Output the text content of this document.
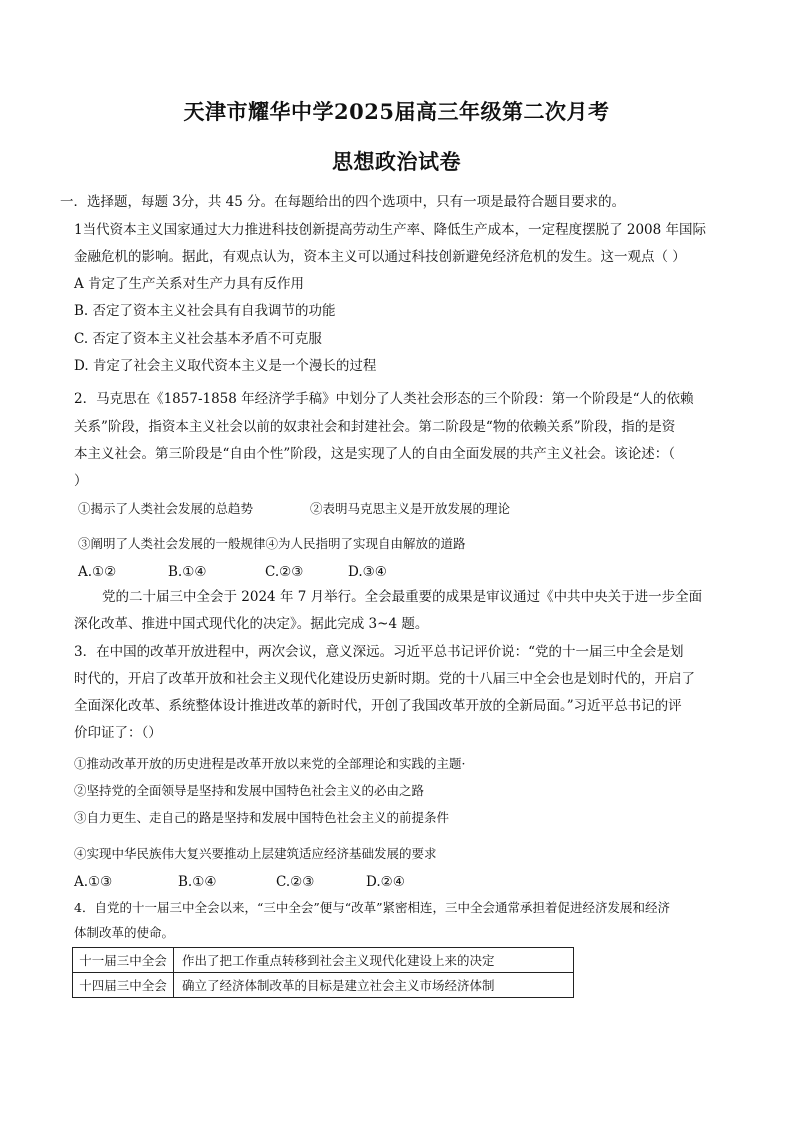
天津市耀华中学2025届高三年级第二次月考
思想政治试卷
一．选择题，每题 3分，共 45 分。在每题给出的四个选项中，只有一项是最符合题目要求的。
1当代资本主义国家通过大力推进科技创新提高劳动生产率、降低生产成本，一定程度摆脱了 2008 年国际
金融危机的影响。据此，有观点认为，资本主义可以通过科技创新避免经济危机的发生。这一观点（ ）
A 肯定了生产关系对生产力具有反作用
B. 否定了资本主义社会具有自我调节的功能
C. 否定了资本主义社会基本矛盾不可克服
D. 肯定了社会主义取代资本主义是一个漫长的过程
2．马克思在《1857-1858 年经济学手稿》中划分了人类社会形态的三个阶段：第一个阶段是“人的依赖
关系”阶段，指资本主义社会以前的奴隶社会和封建社会。第二阶段是“物的依赖关系”阶段，指的是资
本主义社会。第三阶段是“自由个性”阶段，这是实现了人的自由全面发展的共产主义社会。该论述：（
）
①揭示了人类社会发展的总趋势	②表明马克思主义是开放发展的理论
③阐明了人类社会发展的一般规律④为人民指明了实现自由解放的道路
A.①②	B.①④	C.②③	D.③④
党的二十届三中全会于 2024 年 7 月举行。全会最重要的成果是审议通过《中共中央关于进一步全面
深化改革、推进中国式现代化的决定》。据此完成 3~4 题。
3．在中国的改革开放进程中，两次会议，意义深远。习近平总书记评价说：“党的十一届三中全会是划
时代的，开启了改革开放和社会主义现代化建设历史新时期。党的十八届三中全会也是划时代的，开启了
全面深化改革、系统整体设计推进改革的新时代，开创了我国改革开放的全新局面。”习近平总书记的评
价印证了：（）
①推动改革开放的历史进程是改革开放以来党的全部理论和实践的主题·
②坚持党的全面领导是坚持和发展中国特色社会主义的必由之路
③自力更生、走自己的路是坚持和发展中国特色社会主义的前提条件
④实现中华民族伟大复兴要推动上层建筑适应经济基础发展的要求
A.①③	B.①④	C.②③	D.②④
4．自党的十一届三中全会以来，“三中全会”便与“改革”紧密相连，三中全会通常承担着促进经济发展和经济
体制改革的使命。
十一届三中全会	作出了把工作重点转移到社会主义现代化建设上来的决定
十四届三中全会	确立了经济体制改革的目标是建立社会主义市场经济体制
